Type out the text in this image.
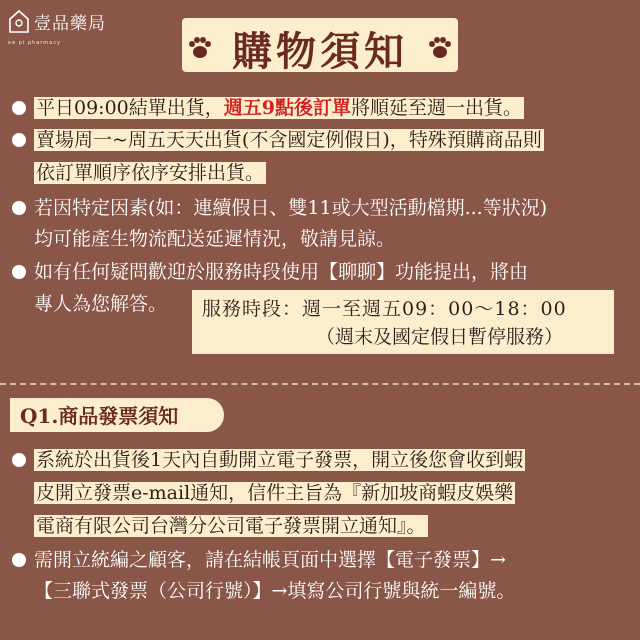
壹品藥局
ee pi pharmacy	購物須知
平日09:00結單出貨，週五9點後訂單將順延至週一出貨。
賣場周一~周五天天出貨(不含國定例假日)，特殊預購商品則
依訂單順序依序安排出貨。
若因特定因素(如：連續假日、雙11或大型活動檔期...等狀況)
均可能產生物流配送延遲情況，敬請見諒。
如有任何疑問歡迎於服務時段使用【聊聊】功能提出，將由
專人為您解答。 服務時段：週一至週五09：00～18：00
（週末及國定假日暫停服務）
Q1.商品發票須知
系統於出貨後1天內自動開立電子發票，開立後您會收到蝦
皮開立發票e-mail通知，信件主旨為『新加坡商蝦皮娛樂
電商有限公司台灣分公司電子發票開立通知』。
需開立統編之顧客，請在結帳頁面中選擇【電子發票】→
【三聯式發票（公司行號）】→填寫公司行號與統一編號。
